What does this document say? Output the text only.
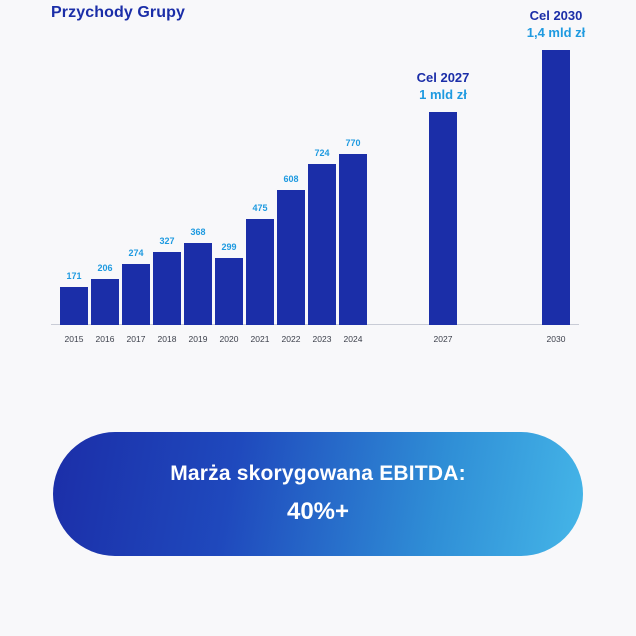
Przychody Grupy
171
2015
206
2016
274
2017
327
2018
368
2019
299
2020
475
2021
608
2022
724
2023
770
2024
Cel 2027
1 mld zł
2027
Cel 2030
1,4 mld zł
2030
Marża skorygowana EBITDA:
40%+
